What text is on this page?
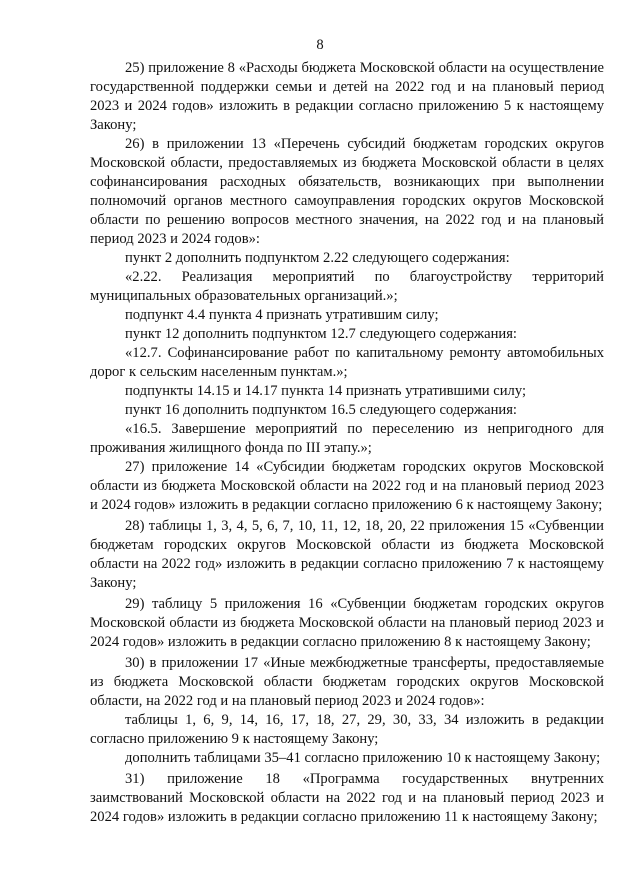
8

25) приложение 8 «Расходы бюджета Московской области на осуществление государственной поддержки семьи и детей на 2022 год и на плановый период 2023 и 2024 годов» изложить в редакции согласно приложению 5 к настоящему Закону;

26) в приложении 13 «Перечень субсидий бюджетам городских округов Московской области, предоставляемых из бюджета Московской области в целях софинансирования расходных обязательств, возникающих при выполнении полномочий органов местного самоуправления городских округов Московской области по решению вопросов местного значения, на 2022 год и на плановый период 2023 и 2024 годов»:

пункт 2 дополнить подпунктом 2.22 следующего содержания:

«2.22. Реализация мероприятий по благоустройству территорий муниципальных образовательных организаций.»;

подпункт 4.4 пункта 4 признать утратившим силу;

пункт 12 дополнить подпунктом 12.7 следующего содержания:

«12.7. Софинансирование работ по капитальному ремонту автомобильных дорог к сельским населенным пунктам.»;

подпункты 14.15 и 14.17 пункта 14 признать утратившими силу;

пункт 16 дополнить подпунктом 16.5 следующего содержания:

«16.5. Завершение мероприятий по переселению из непригодного для проживания жилищного фонда по III этапу.»;

27) приложение 14 «Субсидии бюджетам городских округов Московской области из бюджета Московской области на 2022 год и на плановый период 2023 и 2024 годов» изложить в редакции согласно приложению 6 к настоящему Закону;

28) таблицы 1, 3, 4, 5, 6, 7, 10, 11, 12, 18, 20, 22 приложения 15 «Субвенции бюджетам городских округов Московской области из бюджета Московской области на 2022 год» изложить в редакции согласно приложению 7 к настоящему Закону;

29) таблицу 5 приложения 16 «Субвенции бюджетам городских округов Московской области из бюджета Московской области на плановый период 2023 и 2024 годов» изложить в редакции согласно приложению 8 к настоящему Закону;

30) в приложении 17 «Иные межбюджетные трансферты, предоставляемые из бюджета Московской области бюджетам городских округов Московской области, на 2022 год и на плановый период 2023 и 2024 годов»:

таблицы 1, 6, 9, 14, 16, 17, 18, 27, 29, 30, 33, 34 изложить в редакции согласно приложению 9 к настоящему Закону;

дополнить таблицами 35–41 согласно приложению 10 к настоящему Закону;

31) приложение 18 «Программа государственных внутренних заимствований Московской области на 2022 год и на плановый период 2023 и 2024 годов» изложить в редакции согласно приложению 11 к настоящему Закону;
